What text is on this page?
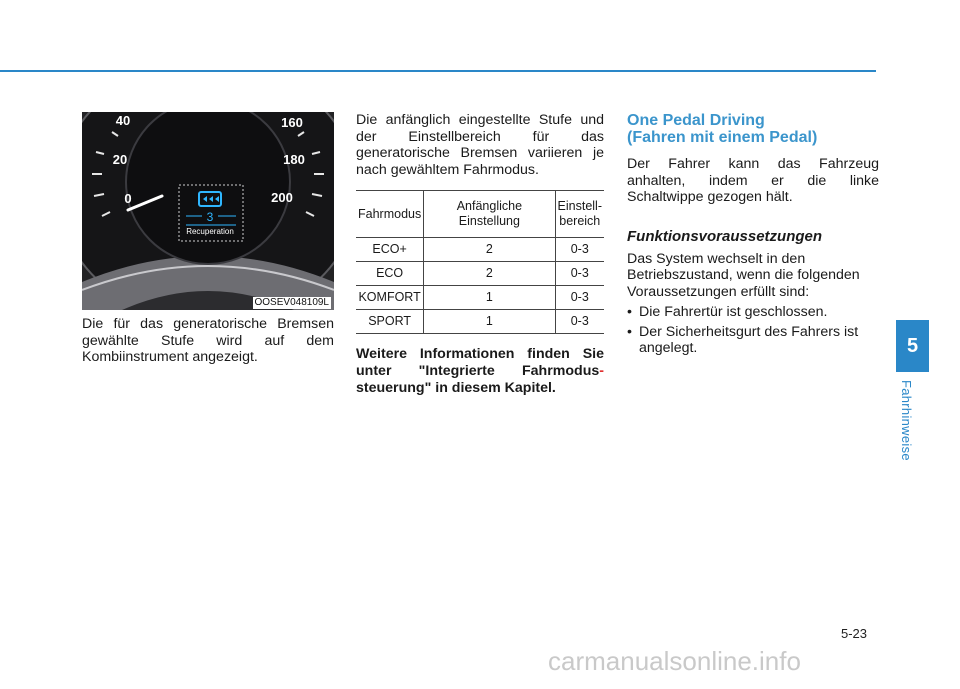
3
Recuperation
0
20
40	160
180
200
OOSEV048109L

Die für das generatorische Bremsen gewählte Stufe wird auf dem Kombiinstrument angezeigt.

Die anfänglich eingestellte Stufe und der Einstellbereich für das generatorische Bremsen variieren je nach gewähltem Fahrmodus.

Fahrmodus	Anfängliche Einstellung	Einstell-
bereich
ECO+	2	0-3
ECO	2	0-3
KOMFORT	1	0-3
SPORT	1	0-3

Weitere Informationen finden Sie unter "Integrierte Fahrmodus- steuerung" in diesem Kapitel.

One Pedal Driving
(Fahren mit einem Pedal)

Der Fahrer kann das Fahrzeug anhalten, indem er die linke Schaltwippe gezogen hält.

Funktionsvoraussetzungen

Das System wechselt in den Betriebszustand, wenn die folgenden Voraussetzungen erfüllt sind:

• Die Fahrertür ist geschlossen.
• Der Sicherheitsgurt des Fahrers ist angelegt.	5
Fahrhinweise
5-23
carmanualsonline.info
